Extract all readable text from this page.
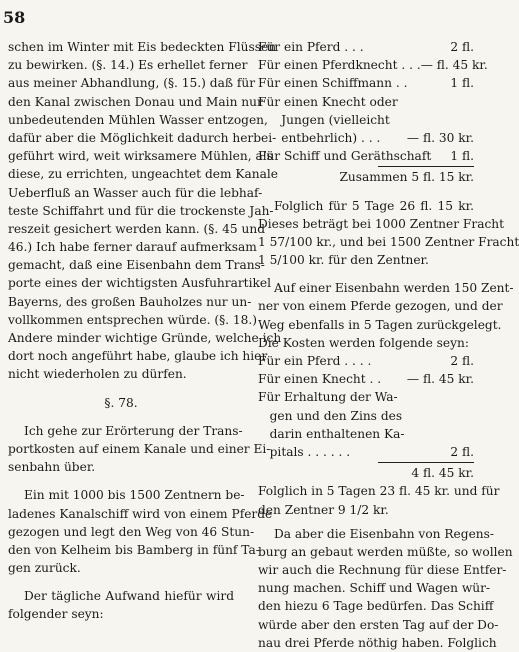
58
schen im Winter mit Eis bedeckten Flüssen
zu bewirken. (§. 14.) Es erhellet ferner
aus meiner Abhandlung, (§. 15.) daß für
den Kanal zwischen Donau und Main nur
unbedeutenden Mühlen Wasser entzogen,
dafür aber die Möglichkeit dadurch herbei-
geführt wird, weit wirksamere Mühlen, als
diese, zu errichten, ungeachtet dem Kanale
Ueberfluß an Wasser auch für die lebhaf-
teste Schiffahrt und für die trockenste Jah-
reszeit gesichert werden kann. (§. 45 und
46.) Ich habe ferner darauf aufmerksam
gemacht, daß eine Eisenbahn dem Trans-
porte eines der wichtigsten Ausfuhrartikel
Bayerns, des großen Bauholzes nur un-
vollkommen entsprechen würde. (§. 18.)
Andere minder wichtige Gründe, welche ich
dort noch angeführt habe, glaube ich hier
nicht wiederholen zu dürfen.
§. 78.
Ich gehe zur Erörterung der Trans-
portkosten auf einem Kanale und einer Ei-
senbahn über.
Ein mit 1000 bis 1500 Zentnern be-
ladenes Kanalschiff wird von einem Pferde
gezogen und legt den Weg von 46 Stun-
den von Kelheim bis Bamberg in fünf Ta-
gen zurück.
Der tägliche Aufwand hiefür wird
folgender seyn:
Für ein Pferd . . .	2 fl.
Für einen Pferdknecht . . . — fl. 45 kr.
Für einen Schiffmann . .	1 fl.
Für einen Knecht oder
Jungen (vielleicht
entbehrlich) . . .	— fl. 30 kr.
Für Schiff und Geräthschaft	1 fl.
Zusammen 5 fl. 15 kr.
Folglich für 5 Tage 26 fl. 15 kr.
Dieses beträgt bei 1000 Zentner Fracht
1 57/100 kr., und bei 1500 Zentner Fracht
1 5/100 kr. für den Zentner.
Auf einer Eisenbahn werden 150 Zent-
ner von einem Pferde gezogen, und der
Weg ebenfalls in 5 Tagen zurückgelegt.
Die Kosten werden folgende seyn:
Für ein Pferd . . . .	2 fl.
Für einen Knecht . .	— fl. 45 kr.
Für Erhaltung der Wa-
gen und den Zins des
darin enthaltenen Ka-
pitals . . . . . .	2 fl.
4 fl. 45 kr.
Folglich in 5 Tagen 23 fl. 45 kr. und für
den Zentner 9 1/2 kr.
Da aber die Eisenbahn von Regens-
burg an gebaut werden müßte, so wollen
wir auch die Rechnung für diese Entfer-
nung machen. Schiff und Wagen wür-
den hiezu 6 Tage bedürfen. Das Schiff
würde aber den ersten Tag auf der Do-
nau drei Pferde nöthig haben. Folglich
